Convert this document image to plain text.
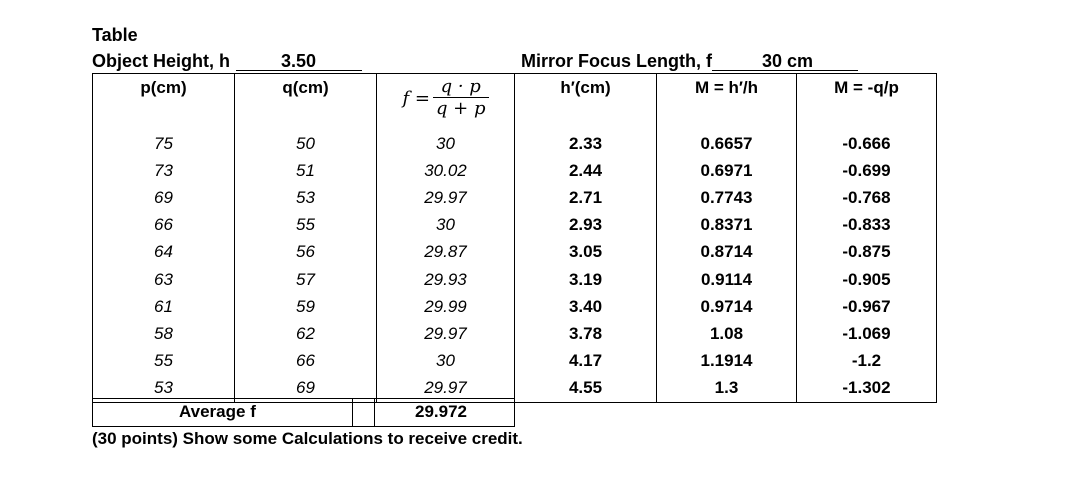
Table
Object Height, h	3.50	Mirror Focus Length, f	30 cm
p(cm)	q(cm)	$f = \frac{q \cdot p}{q + p}$	h′(cm)	M = h′/h	M = -q/p
75	50	30	2.33	0.6657	-0.666
73	51	30.02	2.44	0.6971	-0.699
69	53	29.97	2.71	0.7743	-0.768
66	55	30	2.93	0.8371	-0.833
64	56	29.87	3.05	0.8714	-0.875
63	57	29.93	3.19	0.9114	-0.905
61	59	29.99	3.40	0.9714	-0.967
58	62	29.97	3.78	1.08	-1.069
55	66	30	4.17	1.1914	-1.2
53	69	29.97	4.55	1.3	-1.302
Average f	29.972
(30 points) Show some Calculations to receive credit.
